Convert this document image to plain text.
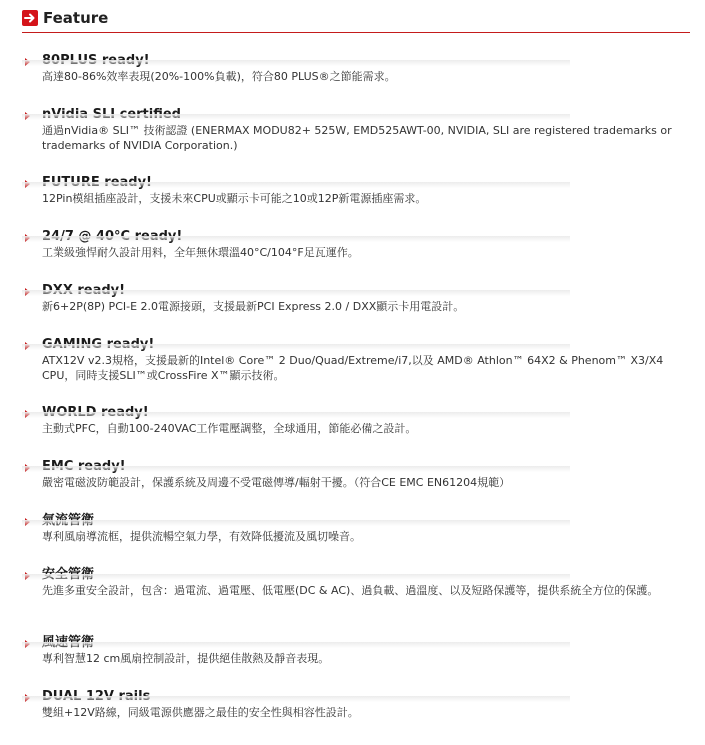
Feature
80PLUS ready!
高達80-86%效率表現(20%-100%負載)，符合80 PLUS®之節能需求。
nVidia SLI certified
通過nVidia® SLI™ 技術認證 (ENERMAX MODU82+ 525W, EMD525AWT-00, NVIDIA, SLI are registered trademarks or trademarks of NVIDIA Corporation.)
FUTURE ready!
12Pin模組插座設計，支援未來CPU或顯示卡可能之10或12P新電源插座需求。
24/7 @ 40°C ready!
工業級強悍耐久設計用料，全年無休環溫40°C/104°F足瓦運作。
DXX ready!
新6+2P(8P) PCI-E 2.0電源接頭，支援最新PCI Express 2.0 / DXX顯示卡用電設計。
GAMING ready!
ATX12V v2.3規格，支援最新的Intel® Core™ 2 Duo/Quad/Extreme/i7,以及 AMD® Athlon™ 64X2 & Phenom™ X3/X4 CPU，同時支援SLI™或CrossFire X™顯示技術。
WORLD ready!
主動式PFC，自動100-240VAC工作電壓調整，全球通用，節能必備之設計。
EMC ready!
嚴密電磁波防範設計，保護系統及周邊不受電磁傳導/輻射干擾。（符合CE EMC EN61204規範）
氣流管衛
專利風扇導流框，提供流暢空氣力學，有效降低擾流及風切噪音。
安全管衛
先進多重安全設計，包含：過電流、過電壓、低電壓(DC & AC)、過負載、過溫度、以及短路保護等，提供系統全方位的保護。
風速管衛
專利智慧12 cm風扇控制設計，提供絕佳散熱及靜音表現。
DUAL 12V rails
雙組+12V路線，同級電源供應器之最佳的安全性與相容性設計。
